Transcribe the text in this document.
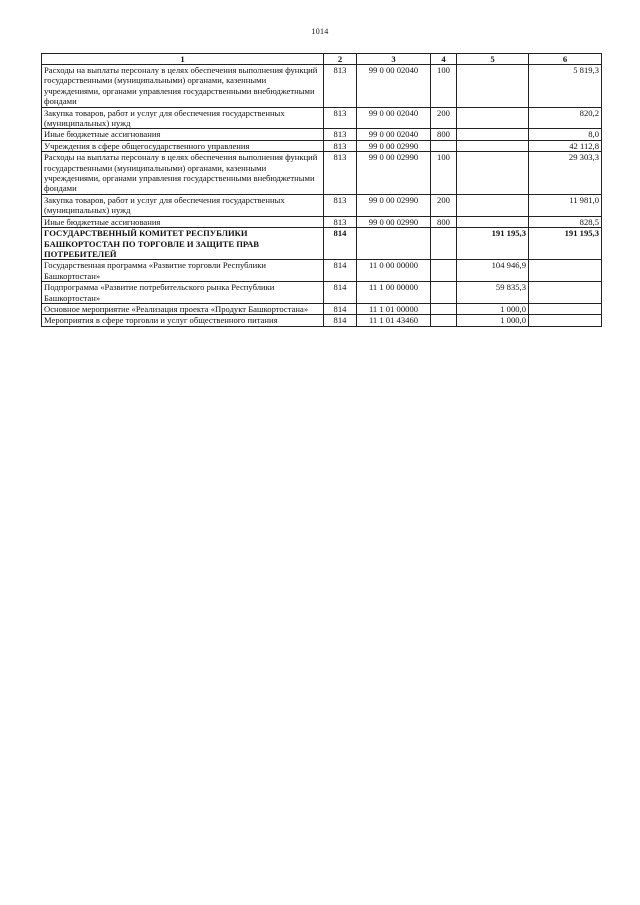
1014
1	2	3	4	5	6
Расходы на выплаты персоналу в целях обеспечения выполнения функций государственными (муниципальными) органами, казенными учреждениями, органами управления государственными внебюджетными фондами	813	99 0 00 02040	100		5 819,3
Закупка товаров, работ и услуг для обеспечения государственных (муниципальных) нужд	813	99 0 00 02040	200		820,2
Иные бюджетные ассигнования	813	99 0 00 02040	800		8,0
Учреждения в сфере общегосударственного управления	813	99 0 00 02990			42 112,8
Расходы на выплаты персоналу в целях обеспечения выполнения функций государственными (муниципальными) органами, казенными учреждениями, органами управления государственными внебюджетными фондами	813	99 0 00 02990	100		29 303,3
Закупка товаров, работ и услуг для обеспечения государственных (муниципальных) нужд	813	99 0 00 02990	200		11 981,0
Иные бюджетные ассигнования	813	99 0 00 02990	800		828,5
ГОСУДАРСТВЕННЫЙ КОМИТЕТ РЕСПУБЛИКИ БАШКОРТОСТАН ПО ТОРГОВЛЕ И ЗАЩИТЕ ПРАВ ПОТРЕБИТЕЛЕЙ	814			191 195,3	191 195,3
Государственная программа «Развитие торговли Республики Башкортостан»	814	11 0 00 00000		104 946,9	
Подпрограмма «Развитие потребительского рынка Республики Башкортостан»	814	11 1 00 00000		59 835,3	
Основное мероприятие «Реализация проекта «Продукт Башкортостана»	814	11 1 01 00000		1 000,0	
Мероприятия в сфере торговли и услуг общественного питания	814	11 1 01 43460		1 000,0	
